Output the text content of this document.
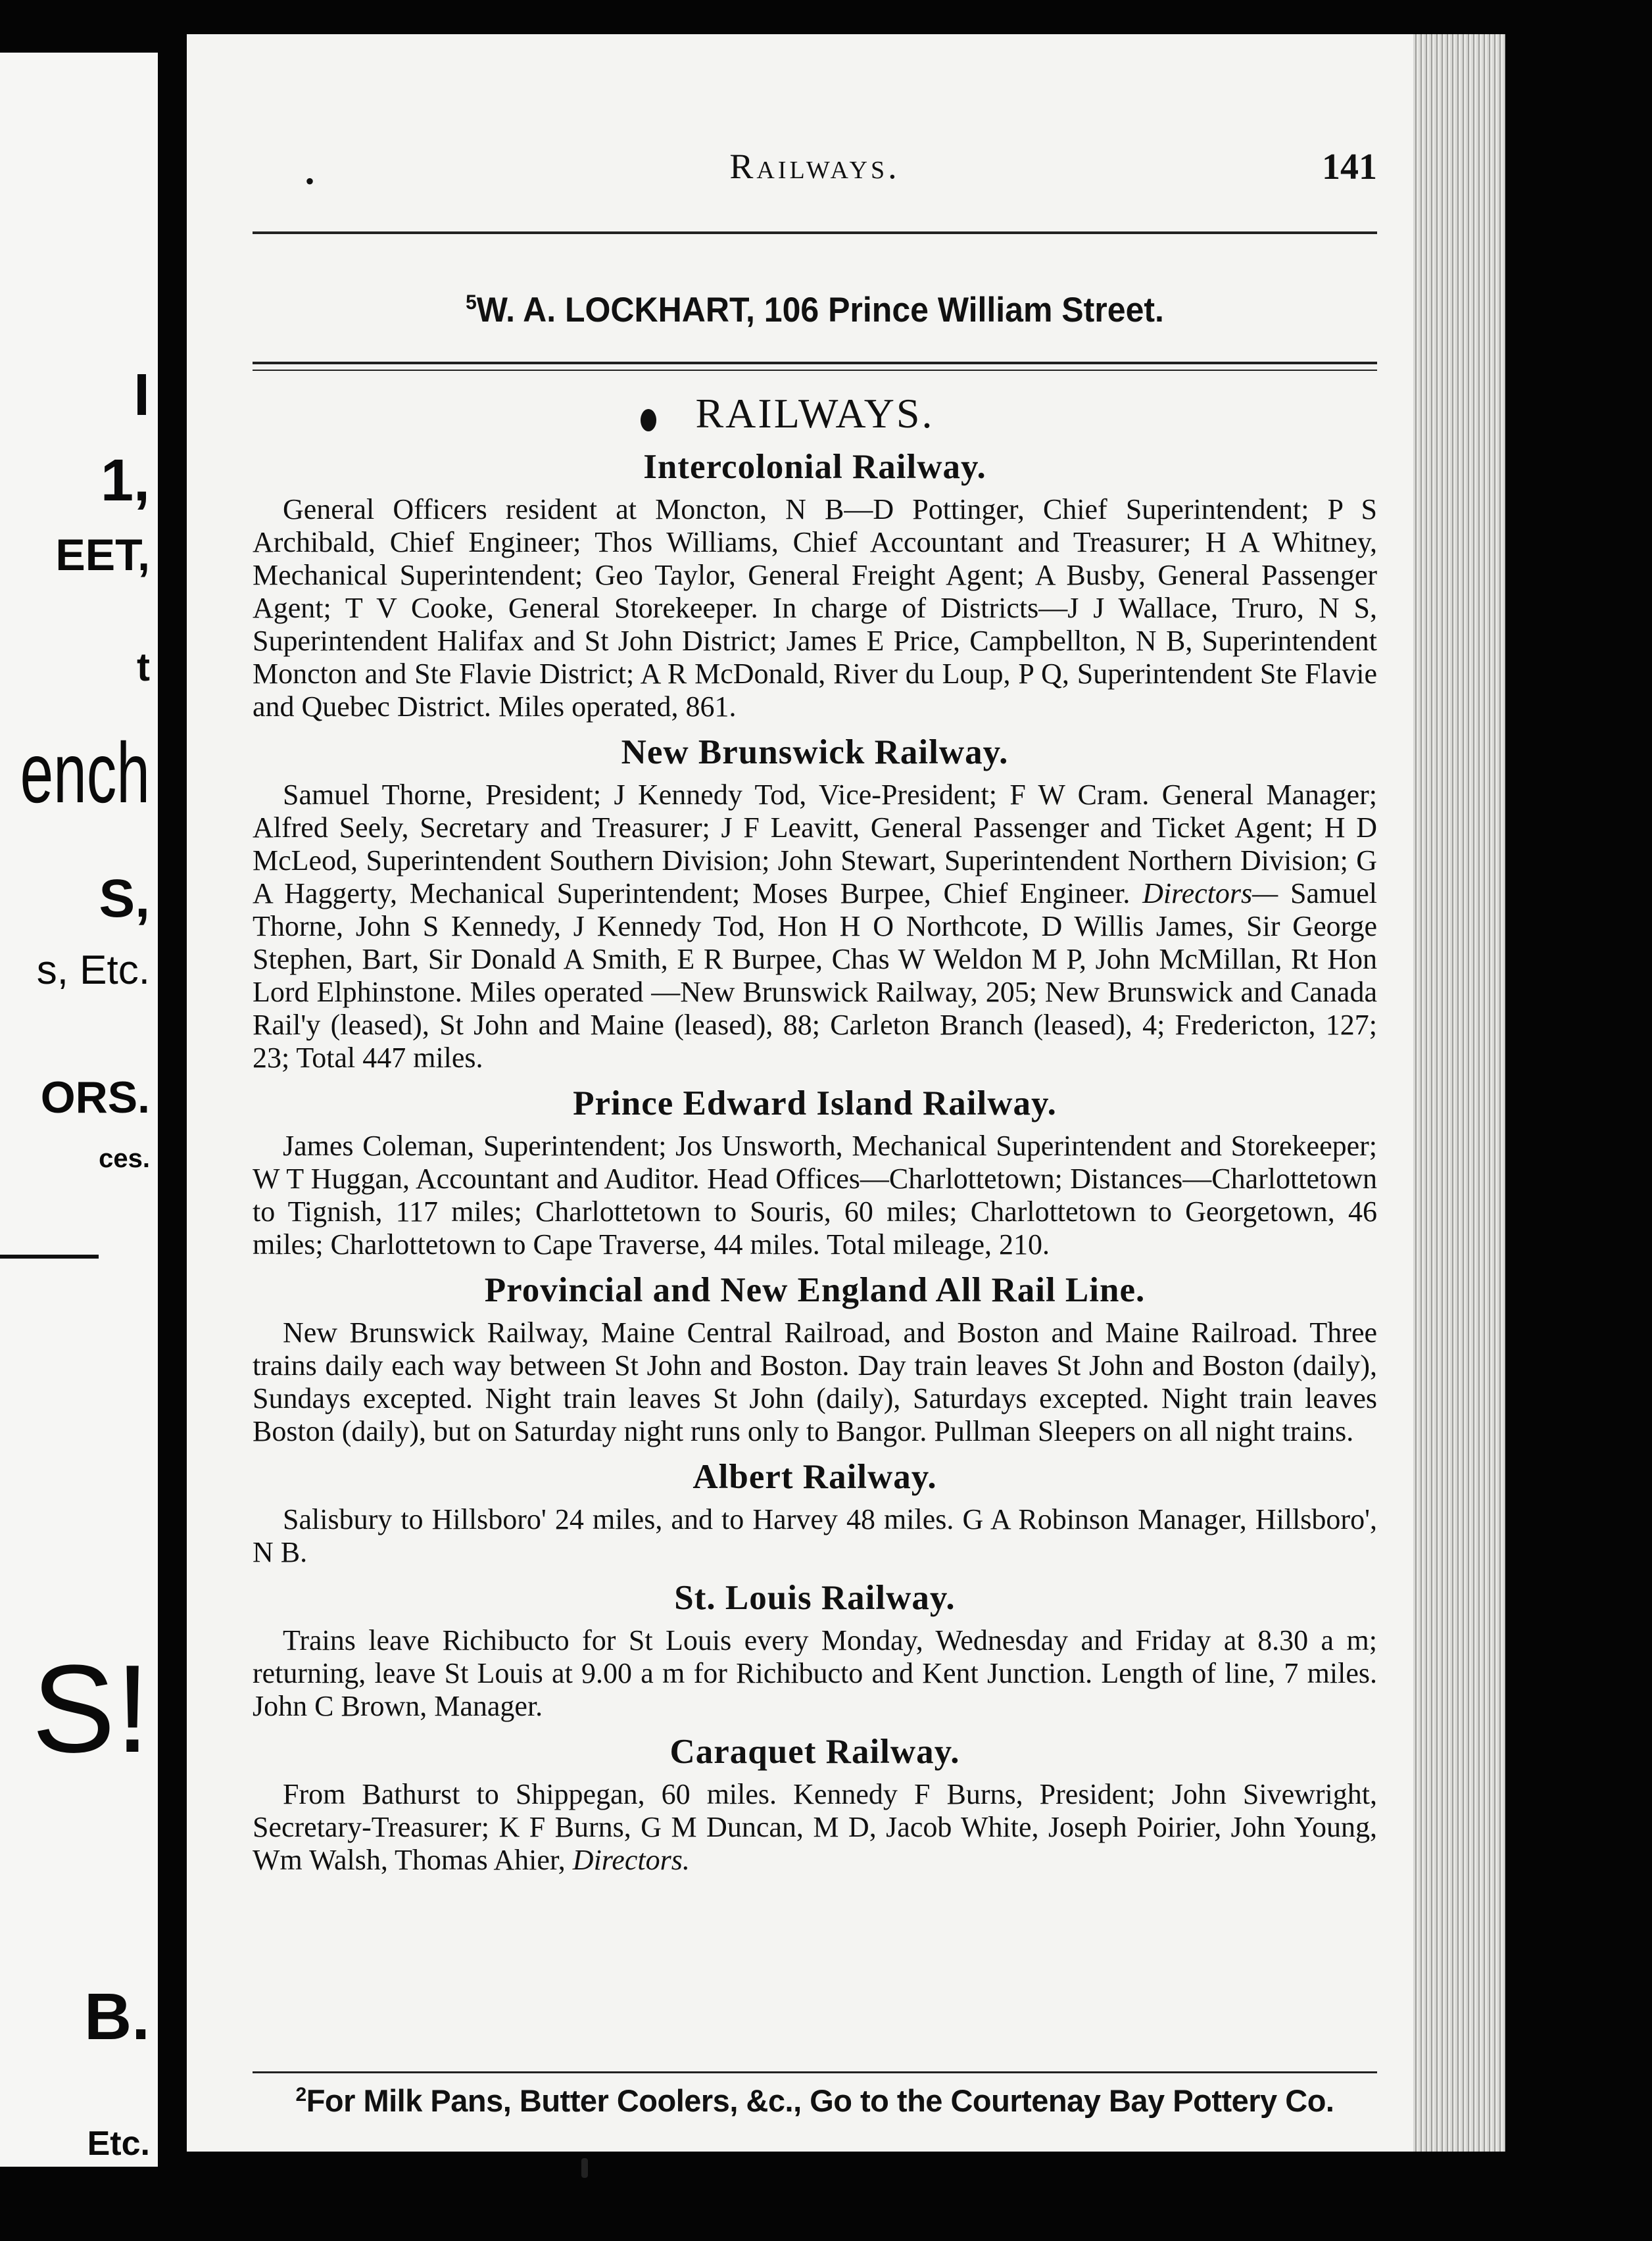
I
1,
EET,
t
ench
S,
s, Etc.
ORS.
ces.
S!
B.
Etc.
•	Railways.	141
$^5$W. A. LOCKHART, 106 Prince William Street.
RAILWAYS.
Intercolonial Railway.

General Officers resident at Moncton, N B—D Pottinger, Chief Superintendent; P S Archibald, Chief Engineer; Thos Williams, Chief Accountant and Treasurer; H A Whitney, Mechanical Superintendent; Geo Taylor, General Freight Agent; A Busby, General Passenger Agent; T V Cooke, General Storekeeper. In charge of Districts—J J Wallace, Truro, N S, Superintendent Halifax and St John District; James E Price, Campbellton, N B, Superintendent Moncton and Ste Flavie District; A R McDonald, River du Loup, P Q, Superintendent Ste Flavie and Quebec District. Miles operated, 861.

New Brunswick Railway.

Samuel Thorne, President; J Kennedy Tod, Vice-President; F W Cram. General Manager; Alfred Seely, Secretary and Treasurer; J F Leavitt, General Passenger and Ticket Agent; H D McLeod, Superintendent Southern Division; John Stewart, Superintendent Northern Division; G A Haggerty, Mechanical Superintendent; Moses Burpee, Chief Engineer. Directors— Samuel Thorne, John S Kennedy, J Kennedy Tod, Hon H O Northcote, D Willis James, Sir George Stephen, Bart, Sir Donald A Smith, E R Burpee, Chas W Weldon M P, John McMillan, Rt Hon Lord Elphinstone. Miles operated —New Brunswick Railway, 205; New Brunswick and Canada Rail'y (leased), St John and Maine (leased), 88; Carleton Branch (leased), 4; Fredericton, 127; 23; Total 447 miles.

Prince Edward Island Railway.

James Coleman, Superintendent; Jos Unsworth, Mechanical Superintendent and Storekeeper; W T Huggan, Accountant and Auditor. Head Offices—Charlottetown; Distances—Charlottetown to Tignish, 117 miles; Charlottetown to Souris, 60 miles; Charlottetown to Georgetown, 46 miles; Charlottetown to Cape Traverse, 44 miles. Total mileage, 210.

Provincial and New England All Rail Line.

New Brunswick Railway, Maine Central Railroad, and Boston and Maine Railroad. Three trains daily each way between St John and Boston. Day train leaves St John and Boston (daily), Sundays excepted. Night train leaves St John (daily), Saturdays excepted. Night train leaves Boston (daily), but on Saturday night runs only to Bangor. Pullman Sleepers on all night trains.

Albert Railway.

Salisbury to Hillsboro' 24 miles, and to Harvey 48 miles. G A Robinson Manager, Hillsboro', N B.

St. Louis Railway.

Trains leave Richibucto for St Louis every Monday, Wednesday and Friday at 8.30 a m; returning, leave St Louis at 9.00 a m for Richibucto and Kent Junction. Length of line, 7 miles. John C Brown, Manager.

Caraquet Railway.

From Bathurst to Shippegan, 60 miles. Kennedy F Burns, President; John Sivewright, Secretary-Treasurer; K F Burns, G M Duncan, M D, Jacob White, Joseph Poirier, John Young, Wm Walsh, Thomas Ahier, Directors.

$^2$For Milk Pans, Butter Coolers, &c., Go to the Courtenay Bay Pottery Co.
